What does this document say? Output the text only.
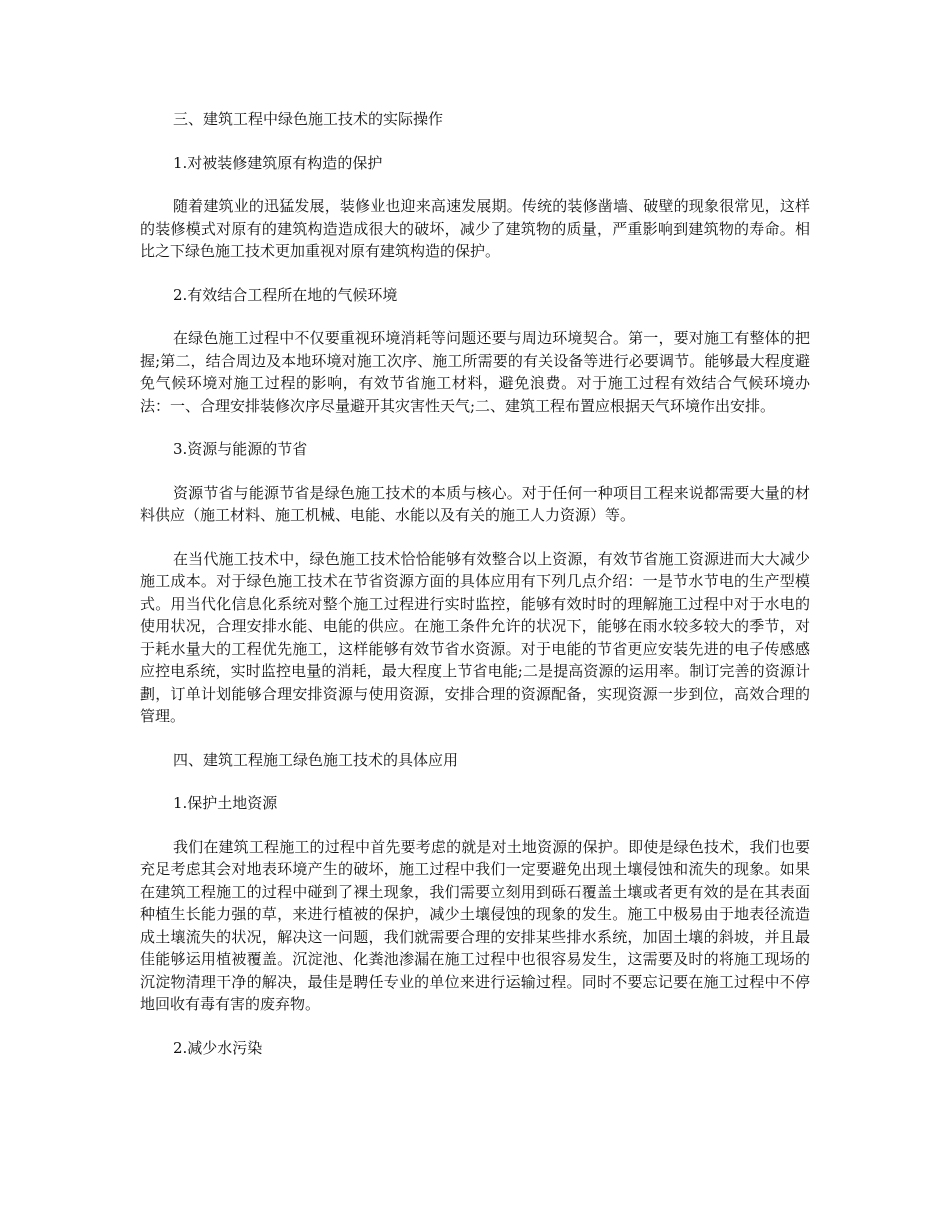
三、建筑工程中绿色施工技术的实际操作

1.对被装修建筑原有构造的保护

随着建筑业的迅猛发展，装修业也迎来高速发展期。传统的装修凿墙、破壁的现象很常见，这样的装修模式对原有的建筑构造造成很大的破坏，减少了建筑物的质量，严重影响到建筑物的寿命。相比之下绿色施工技术更加重视对原有建筑构造的保护。

2.有效结合工程所在地的气候环境

在绿色施工过程中不仅要重视环境消耗等问题还要与周边环境契合。第一，要对施工有整体的把握;第二，结合周边及本地环境对施工次序、施工所需要的有关设备等进行必要调节。能够最大程度避免气候环境对施工过程的影响，有效节省施工材料，避免浪费。对于施工过程有效结合气候环境办法：一、合理安排装修次序尽量避开其灾害性天气;二、建筑工程布置应根据天气环境作出安排。

3.资源与能源的节省

资源节省与能源节省是绿色施工技术的本质与核心。对于任何一种项目工程来说都需要大量的材料供应（施工材料、施工机械、电能、水能以及有关的施工人力资源）等。

在当代施工技术中，绿色施工技术恰恰能够有效整合以上资源，有效节省施工资源进而大大减少施工成本。对于绿色施工技术在节省资源方面的具体应用有下列几点介绍：一是节水节电的生产型模式。用当代化信息化系统对整个施工过程进行实时监控，能够有效时时的理解施工过程中对于水电的使用状况，合理安排水能、电能的供应。在施工条件允许的状况下，能够在雨水较多较大的季节，对于耗水量大的工程优先施工，这样能够有效节省水资源。对于电能的节省更应安装先进的电子传感感应控电系统，实时监控电量的消耗，最大程度上节省电能;二是提高资源的运用率。制订完善的资源计劃，订单计划能够合理安排资源与使用资源，安排合理的资源配备，实现资源一步到位，高效合理的管理。

四、建筑工程施工绿色施工技术的具体应用

1.保护土地资源

我们在建筑工程施工的过程中首先要考虑的就是对土地资源的保护。即使是绿色技术，我们也要充足考虑其会对地表环境产生的破坏，施工过程中我们一定要避免出现土壤侵蚀和流失的现象。如果在建筑工程施工的过程中碰到了裸土现象，我们需要立刻用到砾石覆盖土壤或者更有效的是在其表面种植生长能力强的草，来进行植被的保护，减少土壤侵蚀的现象的发生。施工中极易由于地表径流造成土壤流失的状况，解决这一问题，我们就需要合理的安排某些排水系统，加固土壤的斜坡，并且最佳能够运用植被覆盖。沉淀池、化粪池渗漏在施工过程中也很容易发生，这需要及时的将施工现场的沉淀物清理干净的解决，最佳是聘任专业的单位来进行运输过程。同时不要忘记要在施工过程中不停地回收有毒有害的废弃物。

2.减少水污染
